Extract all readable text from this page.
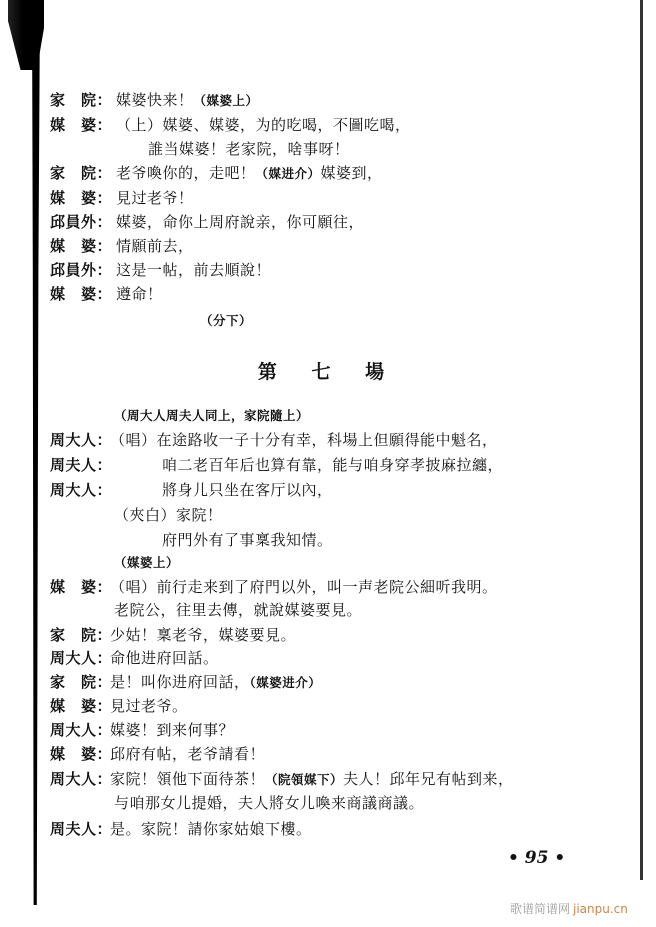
家　院： 媒婆快来！（媒婆上）
媒　婆： （上）媒婆、媒婆，为的吃喝，不圖吃喝，
誰当媒婆！老家院，啥事呀！
家　院： 老爷喚你的，走吧！（媒进介）媒婆到，
媒　婆： 見过老爷！
邱員外： 媒婆，命你上周府說亲，你可願往，
媒　婆： 情願前去，
邱員外： 这是一帖，前去順說！
媒　婆： 遵命！
（分下）
（周大人周夫人同上，家院隨上）
周大人：
（唱）在途路收一子十分有幸，科場上但願得能中魁名，
周夫人：	咱二老百年后也算有靠，能与咱身穿孝披麻拉纏，
周大人：	將身儿只坐在客厅以內，
（夾白）家院！
府門外有了事稟我知情。
（媒婆上）
媒　婆：
（唱）前行走来到了府門以外，叫一声老院公細听我明。
老院公，往里去傳，就說媒婆要見。
家　院：
少姑！稟老爷，媒婆要見。
周大人：
命他进府回話。
家　院：
是！叫你进府回話，（媒婆进介）
媒　婆：
見过老爷。
周大人：
媒婆！到来何事？
媒　婆：
邱府有帖，老爷請看！
周大人：
家院！領他下面待茶！（院領媒下）夫人！邱年兄有帖到来，
与咱那女儿提婚，夫人將女儿喚来商議商議。
周夫人：
是。家院！請你家姑娘下樓。
第 七 場
• 95 •
歌谱简谱网 jianpu.cn
